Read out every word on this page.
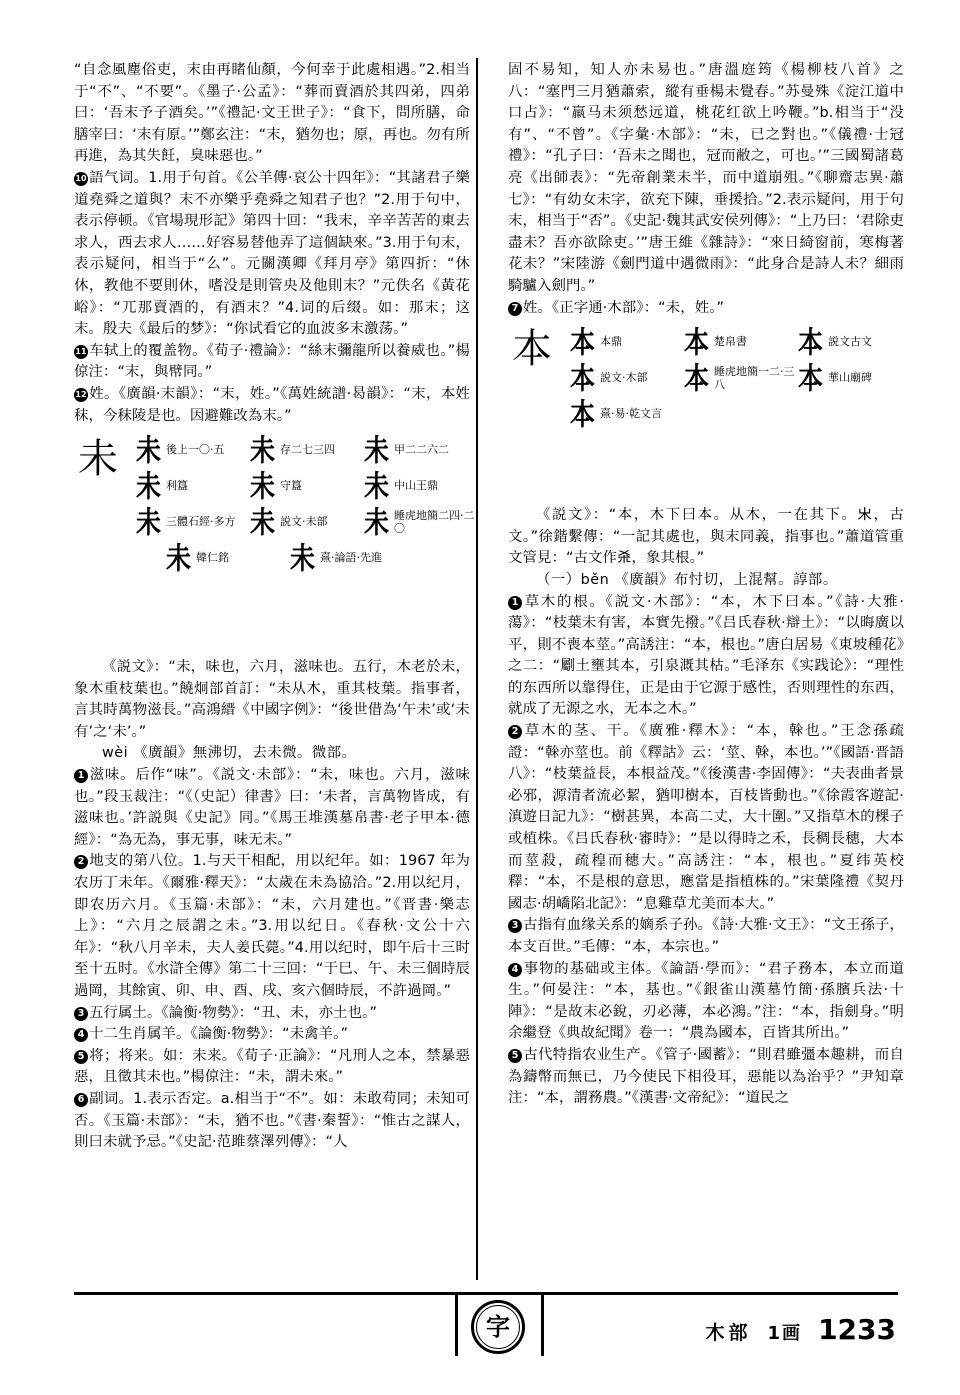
“自念風塵俗吏，末由再睹仙顏，今何幸于此處相遇。”2.相当于“不”、“不要”。《墨子·公孟》：“葬而賣酒於其四弟，四弟曰：‘吾末予子酒矣。’”《禮記·文王世子》：“食下，問所膳，命膳宰曰：‘末有原。’”鄭玄注：“末，猶勿也；原，再也。勿有所再進，為其失飪，臭味惡也。”

10 語气词。1.用于句首。《公羊傳·哀公十四年》：“其諸君子樂道堯舜之道與？末不亦樂乎堯舜之知君子也？”2.用于句中，表示停顿。《官場現形記》第四十回：“我末，辛辛苦苦的東去求人，西去求人……好容易替他弄了這個缺來。”3.用于句末，表示疑问，相当于“么”。元關漢卿《拜月亭》第四折：“休休，教他不要則休，嗜没是則管央及他則末？”元佚名《黃花峪》：“兀那賣酒的，有酒末？”4.词的后缀。如：那末；这末。殷夫《最后的梦》：“你试看它的血波多末激荡。”

11 车轼上的覆盖物。《荀子·禮論》：“絲末彌龍所以養威也。”楊倞注：“末，與幦同。”

12 姓。《廣韻·末韻》：“末，姓。”《萬姓統譜·曷韻》：“末，本姓秣，今秣陵是也。因避難改為末。”

未 未 後上一〇·五	未 存二七三四	未 甲二二六二
未 利簋	未 守簋	未 中山王鼎
未 三體石經·多方 未 説文·未部	未 睡虎地簡二四·二〇
未 韓仁銘	未 熹·論語·先進

《説文》：“未，味也，六月，滋味也。五行，木老於未，象木重枝葉也。”饒炯部首訂：“未从木，重其枝葉。指事者，言其時萬物滋長。”高鴻縉《中國字例》：“後世借為‘午未’或‘未有’之‘未’。”

wèi 《廣韻》無沸切，去未微。微部。

1 滋味。后作“味”。《説文·未部》：“未，味也。六月，滋味也。”段玉裁注：“《（史記）律書》曰：‘未者，言萬物皆成，有滋味也。’許説與《史記》同。”《馬王堆漢墓帛書·老子甲本·德經》：“為无為，事无事，味无未。”

2 地支的第八位。1.与天干相配，用以纪年。如：1967 年为农历丁未年。《爾雅·釋天》：“太歲在未為協洽。”2.用以纪月，即农历六月。《玉篇·未部》：“未，六月建也。”《晋書·樂志上》：“六月之辰謂之未。”3.用以纪日。《春秋·文公十六年》：“秋八月辛未，夫人姜氏薨。”4.用以纪时，即午后十三时至十五时。《水滸全傳》第二十三回：“于巳、午、未三個時辰過岡，其餘寅、卯、申、酉、戌、亥六個時辰，不許過岡。”

3 五行属土。《論衡·物勢》：“丑、未，亦土也。”

4 十二生肖属羊。《論衡·物勢》：“未禽羊。”

5 将；将来。如：未来。《荀子·正論》：“凡刑人之本，禁暴惡惡，且徵其未也。”楊倞注：“未，謂未來。”

6 副词。1.表示否定。a.相当于“不”。如：未敢苟同；未知可否。《玉篇·未部》：“未，猶不也。”《書·秦誓》：“惟古之謀人，則曰未就予忌。”《史記·范雎蔡澤列傳》：“人

固不易知，知人亦未易也。”唐溫庭筠《楊柳枝八首》之八：“塞門三月猶蕭索，縱有垂楊未覺春。”苏曼殊《淀江道中口占》：“羸马未须愁远道，桃花红欲上吟鞭。”b.相当于“没有”、“不曾”。《字彙·木部》：“未，已之對也。”《儀禮·士冠禮》：“孔子曰：‘吾未之聞也，冠而敝之，可也。’”三國蜀諸葛亮《出師表》：“先帝創業未半，而中道崩殂。”《聊齋志異·蕭七》：“有幼女未字，欲充下陳，垂援拾。”2.表示疑问，用于句末，相当于“否”。《史記·魏其武安侯列傳》：“上乃曰：‘君除吏盡未？吾亦欲除吏。’”唐王維《雜詩》：“來日綺窗前，寒梅著花未？”宋陸游《劍門道中遇微雨》：“此身合是詩人未？細雨騎驢入劍門。”

7 姓。《正字通·木部》：“未，姓。”

本 本 本鼎	本 楚帛書	本 説文古文
本 説文·木部	本 睡虎地簡一二·三八	本 華山廟碑
本 熹·易·乾文言

《説文》：“本，木下曰本。从木，一在其下。𣎵，古文。”徐鍇繫傳：“一記其處也，與末同義，指事也。”蕭道管重文管見：“古文作𣏂，象其根。”

（一）běn 《廣韻》布忖切，上混幫。諄部。

1 草木的根。《説文·木部》：“本，木下曰本。”《詩·大雅·蕩》：“枝葉未有害，本實先撥。”《吕氏春秋·辯土》：“以晦廣以平，則不喪本莖。”高誘注：“本，根也。”唐白居易《東坡種花》之二：“劚土壅其本，引泉溉其枯。”毛泽东《实践论》：“理性的东西所以靠得住，正是由于它源于感性，否则理性的东西，就成了无源之水，无本之木。”

2 草木的茎、干。《廣雅·釋木》：“本，榦也。”王念孫疏證：“榦亦莖也。前《釋詁》云：‘莖、榦，本也。’”《國語·晋語八》：“枝葉益長，本根益茂。”《後漢書·李固傳》：“夫表曲者景必邪，源清者流必絜，猶叩樹本，百枝皆動也。”《徐霞客遊記·滇遊日記九》：“樹甚異，本高二丈，大十圍。”又指草木的棵子或植株。《吕氏春秋·審時》：“是以得時之禾，長稠長穗，大本而莖殺，疏䅣而穗大。”高誘注：“本，根也。”夏纬英校釋：“本，不是根的意思，應當是指植株的。”宋葉隆禮《契丹國志·胡嶠陷北記》：“息雞草尤美而本大。”

3 古指有血缘关系的嫡系子孙。《詩·大雅·文王》：“文王孫子，本支百世。”毛傳：“本，本宗也。”

4 事物的基础或主体。《論語·學而》：“君子務本，本立而道生。”何晏注：“本，基也。”《銀雀山漢墓竹簡·孫臏兵法·十陣》：“是故末必銳，刃必薄，本必鴻。”注：“本，指劍身。”明余繼登《典故紀聞》卷一：“農為國本，百皆其所出。”

5 古代特指农业生产。《管子·國蓄》：“則君雖彊本趣耕，而自為鑄幣而無已，乃今使民下相役耳，惡能以為治乎？”尹知章注：“本，謂務農。”《漢書·文帝紀》：“道民之

字	木部 1画 1233
